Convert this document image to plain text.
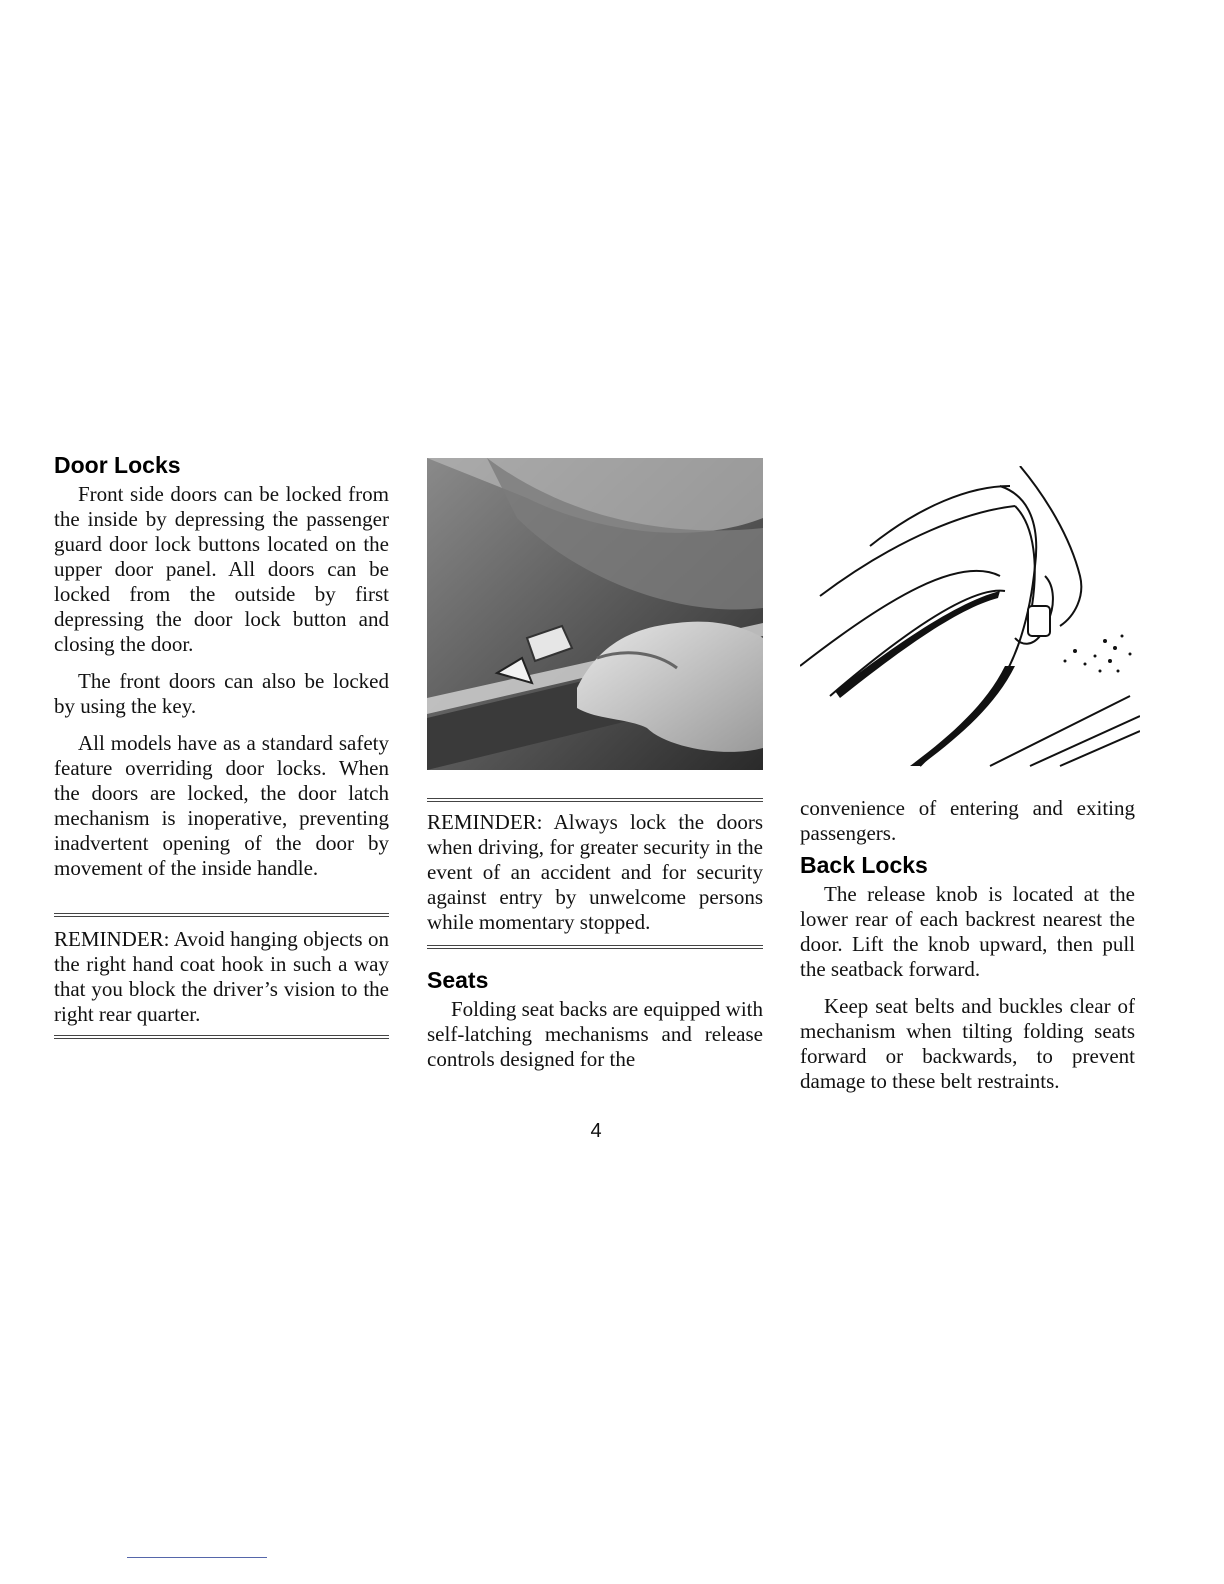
Door Locks

Front side doors can be locked from the inside by depressing the passenger guard door lock buttons located on the upper door panel. All doors can be locked from the outside by first depressing the door lock button and closing the door.

The front doors can also be locked by using the key.

All models have as a standard safety feature overriding door locks. When the doors are locked, the door latch mechanism is inoperative, preventing inadvertent opening of the door by movement of the inside handle.

REMINDER: Avoid hanging objects on the right hand coat hook in such a way that you block the driver’s vision to the right rear quarter.
REMINDER: Always lock the doors when driving, for greater security in the event of an accident and for security against entry by unwelcome persons while momentary stopped.
Seats

Folding seat backs are equipped with self-latching mechanisms and release controls designed for the

convenience of entering and exiting passengers.

Back Locks

The release knob is located at the lower rear of each backrest nearest the door. Lift the knob upward, then pull the seatback forward.

Keep seat belts and buckles clear of mechanism when tilting folding seats forward or backwards, to prevent damage to these belt restraints.

4
